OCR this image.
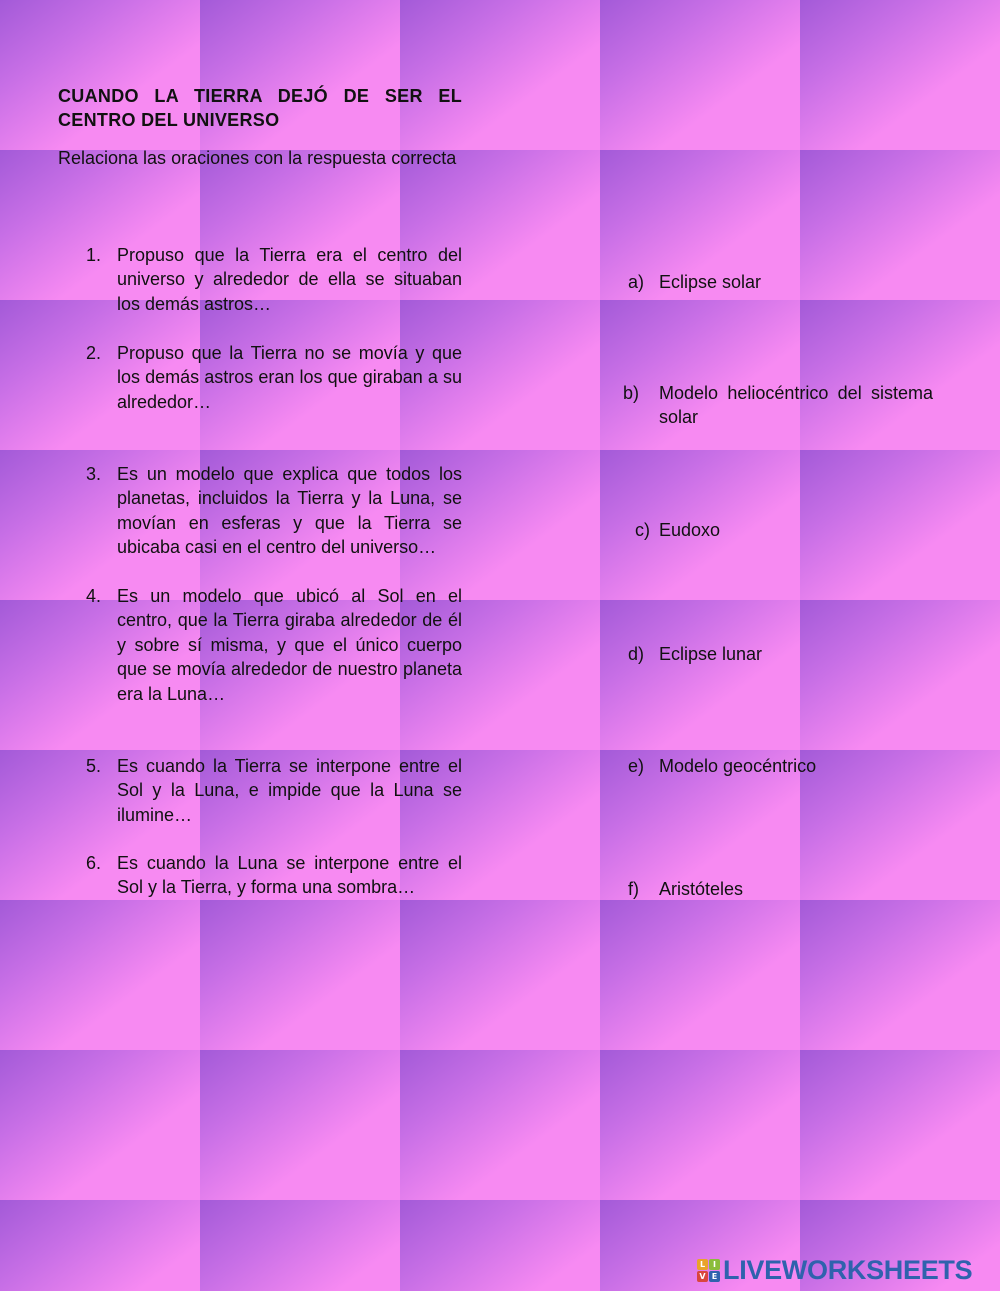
CUANDO LA TIERRA DEJÓ DE SER EL CENTRO DEL UNIVERSO

Relaciona las oraciones con la respuesta correcta

1. Propuso que la Tierra era el centro del universo y alrededor de ella se situaban los demás astros…
2. Propuso que la Tierra no se movía y que los demás astros eran los que giraban a su alrededor…
3. Es un modelo que explica que todos los planetas, incluidos la Tierra y la Luna, se movían en esferas y que la Tierra se ubicaba casi en el centro del universo…
4. Es un modelo que ubicó al Sol en el centro, que la Tierra giraba alrededor de él y sobre sí misma, y que el único cuerpo que se movía alrededor de nuestro planeta era la Luna…
5. Es cuando la Tierra se interpone entre el Sol y la Luna, e impide que la Luna se ilumine…
6. Es cuando la Luna se interpone entre el Sol y la Tierra, y forma una sombra…
a) Eclipse solar
b) Modelo heliocéntrico del sistema solar
c) Eudoxo
d) Eclipse lunar
e) Modelo geocéntrico
f) Aristóteles
L I
V E LIVEWORKSHEETS
